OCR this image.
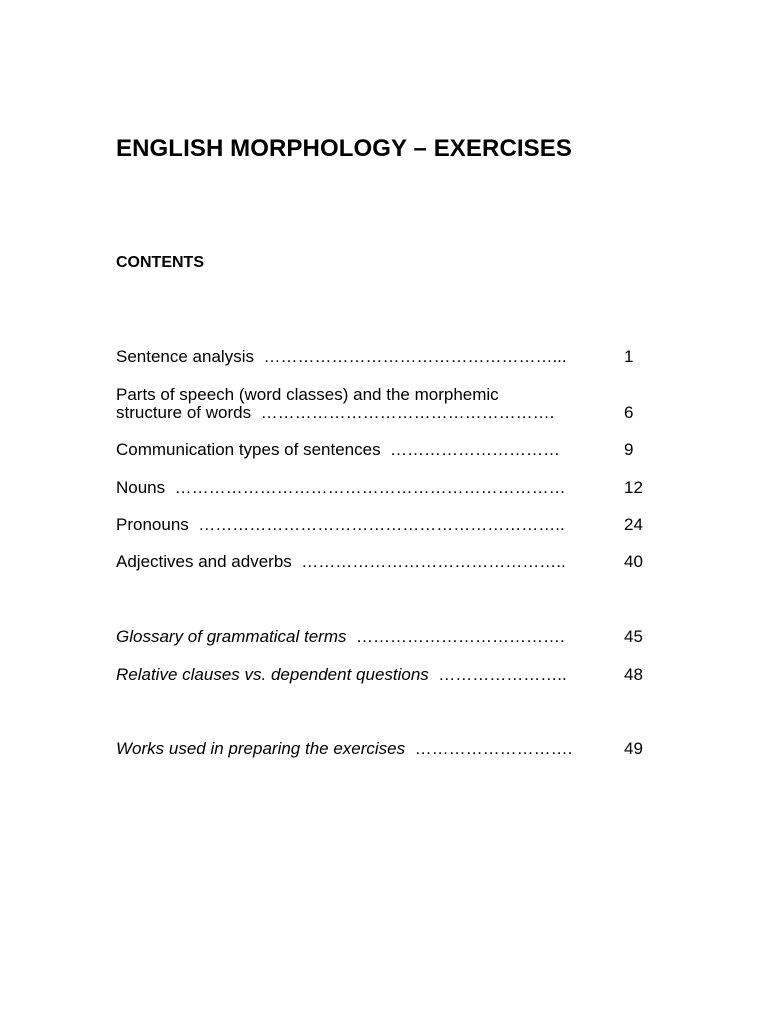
ENGLISH MORPHOLOGY – EXERCISES
CONTENTS
Sentence analysis ……………………………………………...	1
Parts of speech (word classes) and the morphemic
structure of words …………………………………………….	6
Communication types of sentences …………………………	9
Nouns ……………………………………………………………	12
Pronouns ………………………………………………………..	24
Adjectives and adverbs ………………………………………..	40
Glossary of grammatical terms ……………………………….	45
Relative clauses vs. dependent questions …………………..	48
Works used in preparing the exercises ……………………….	49
